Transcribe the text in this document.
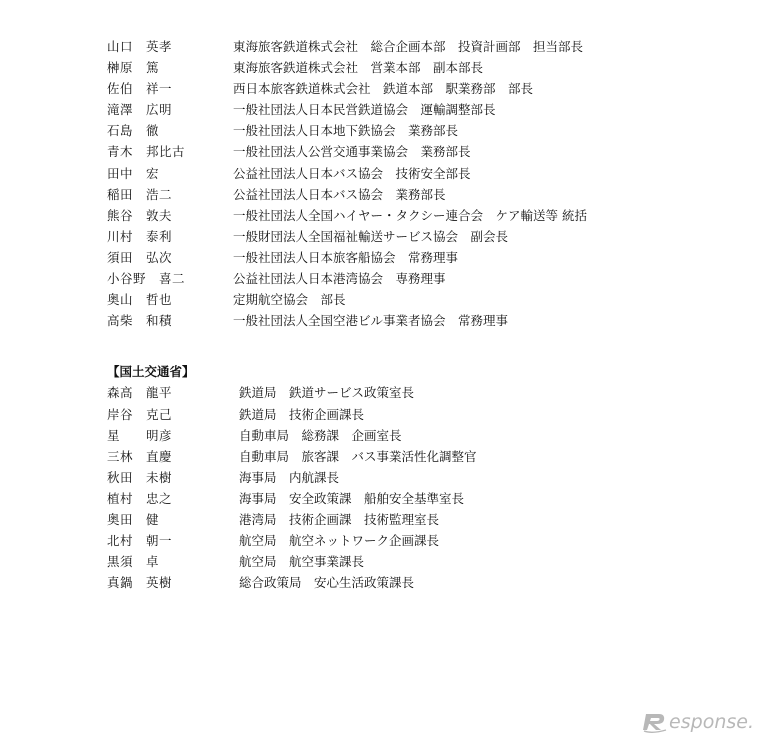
山口　英孝	東海旅客鉄道株式会社　総合企画本部　投資計画部　担当部長
榊原　篤	東海旅客鉄道株式会社　営業本部　副本部長
佐伯　祥一	西日本旅客鉄道株式会社　鉄道本部　駅業務部　部長
滝澤　広明	一般社団法人日本民営鉄道協会　運輸調整部長
石島　徹	一般社団法人日本地下鉄協会　業務部長
青木　邦比古	一般社団法人公営交通事業協会　業務部長
田中　宏	公益社団法人日本バス協会　技術安全部長
稲田　浩二	公益社団法人日本バス協会　業務部長
熊谷　敦夫	一般社団法人全国ハイヤー・タクシー連合会　ケア輸送等 統括
川村　泰利	一般財団法人全国福祉輸送サービス協会　副会長
須田　弘次	一般社団法人日本旅客船協会　常務理事
小谷野　喜二	公益社団法人日本港湾協会　専務理事
奥山　哲也	定期航空協会　部長
高柴　和積	一般社団法人全国空港ビル事業者協会　常務理事
【国土交通省】
森高　龍平	鉄道局　鉄道サービス政策室長
岸谷　克己	鉄道局　技術企画課長
星　　明彦	自動車局　総務課　企画室長
三林　直慶	自動車局　旅客課　バス事業活性化調整官
秋田　未樹	海事局　内航課長
植村　忠之	海事局　安全政策課　船舶安全基準室長
奥田　健	港湾局　技術企画課　技術監理室長
北村　朝一	航空局　航空ネットワーク企画課長
黒須　卓	航空局　航空事業課長
真鍋　英樹	総合政策局　安心生活政策課長
esponse.
